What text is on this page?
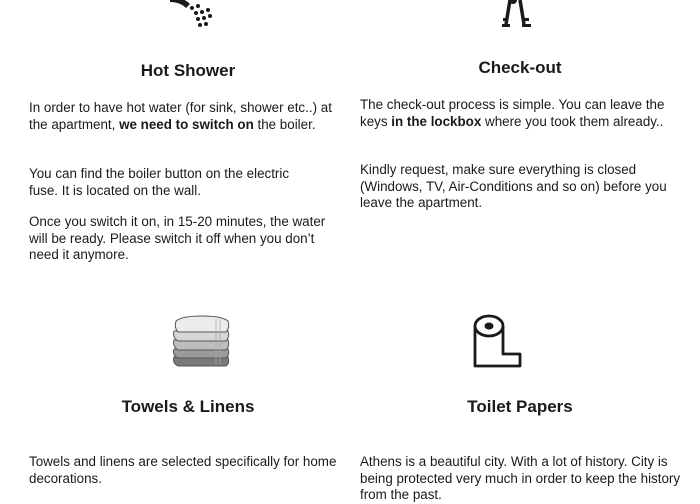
Hot Shower

In order to have hot water (for sink, shower etc..) at the apartment, we need to switch on the boiler.

You can find the boiler button on the electric fuse. It is located on the wall.

Once you switch it on, in 15-20 minutes, the water will be ready. Please switch it off when you don’t need it anymore.

Check-out

The check-out process is simple. You can leave the keys in the lockbox where you took them already..

Kindly request, make sure everything is closed (Windows, TV, Air-Conditions and so on) before you leave the apartment.

Towels & Linens

Towels and linens are selected specifically for home decorations.

Toilet Papers

Athens is a beautiful city. With a lot of history. City is being protected very much in order to keep the history from the past.
